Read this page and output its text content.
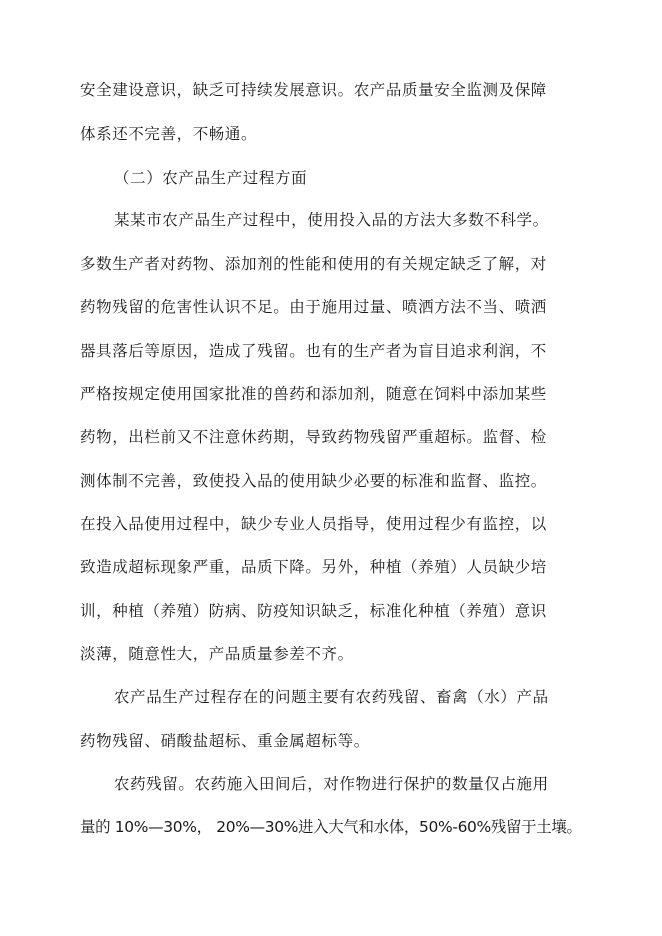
安全建设意识，缺乏可持续发展意识。农产品质量安全监测及保障
体系还不完善，不畅通。
（二）农产品生产过程方面
某某市农产品生产过程中，使用投入品的方法大多数不科学。
多数生产者对药物、添加剂的性能和使用的有关规定缺乏了解，对
药物残留的危害性认识不足。由于施用过量、喷洒方法不当、喷洒
器具落后等原因，造成了残留。也有的生产者为盲目追求利润，不
严格按规定使用国家批准的兽药和添加剂，随意在饲料中添加某些
药物，出栏前又不注意休药期，导致药物残留严重超标。监督、检
测体制不完善，致使投入品的使用缺少必要的标准和监督、监控。
在投入品使用过程中，缺少专业人员指导，使用过程少有监控，以
致造成超标现象严重，品质下降。另外，种植（养殖）人员缺少培
训，种植（养殖）防病、防疫知识缺乏，标准化种植（养殖）意识
淡薄，随意性大，产品质量参差不齐。
农产品生产过程存在的问题主要有农药残留、畜禽（水）产品
药物残留、硝酸盐超标、重金属超标等。
农药残留。农药施入田间后，对作物进行保护的数量仅占施用
量的 10%—30%， 20%—30%进入大气和水体，50%-60%残留于土壤。
